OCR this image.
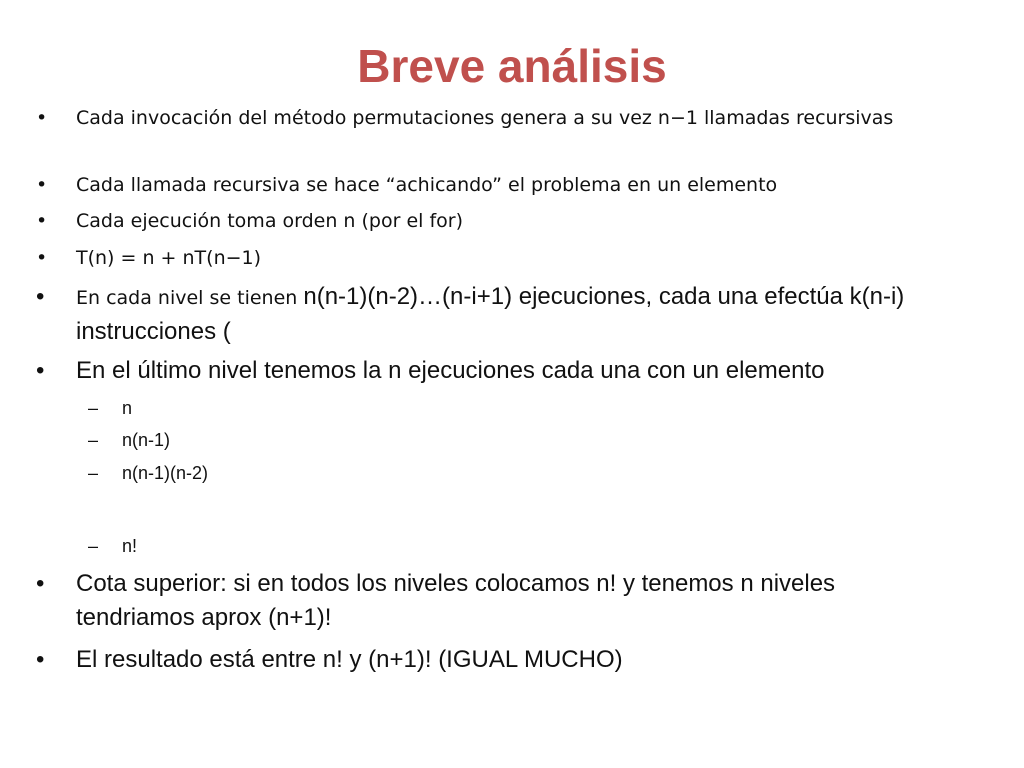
Breve análisis
• Cada invocación del método permutaciones genera a su vez n−1 llamadas recursivas
• Cada llamada recursiva se hace “achicando” el problema en un elemento
• Cada ejecución toma orden n (por el for)
• T(n) = n + nT(n−1)
• En cada nivel se tienen n(n-1)(n-2)…(n-i+1) ejecuciones, cada una efectúa k(n-i) instrucciones (
• En el último nivel tenemos la n ejecuciones cada una con un elemento
• Cota superior: si en todos los niveles colocamos n! y tenemos n niveles tendriamos aprox (n+1)!
• El resultado está entre n! y (n+1)! (IGUAL MUCHO)
– n
– n(n-1)
– n(n-1)(n-2)
– n!
